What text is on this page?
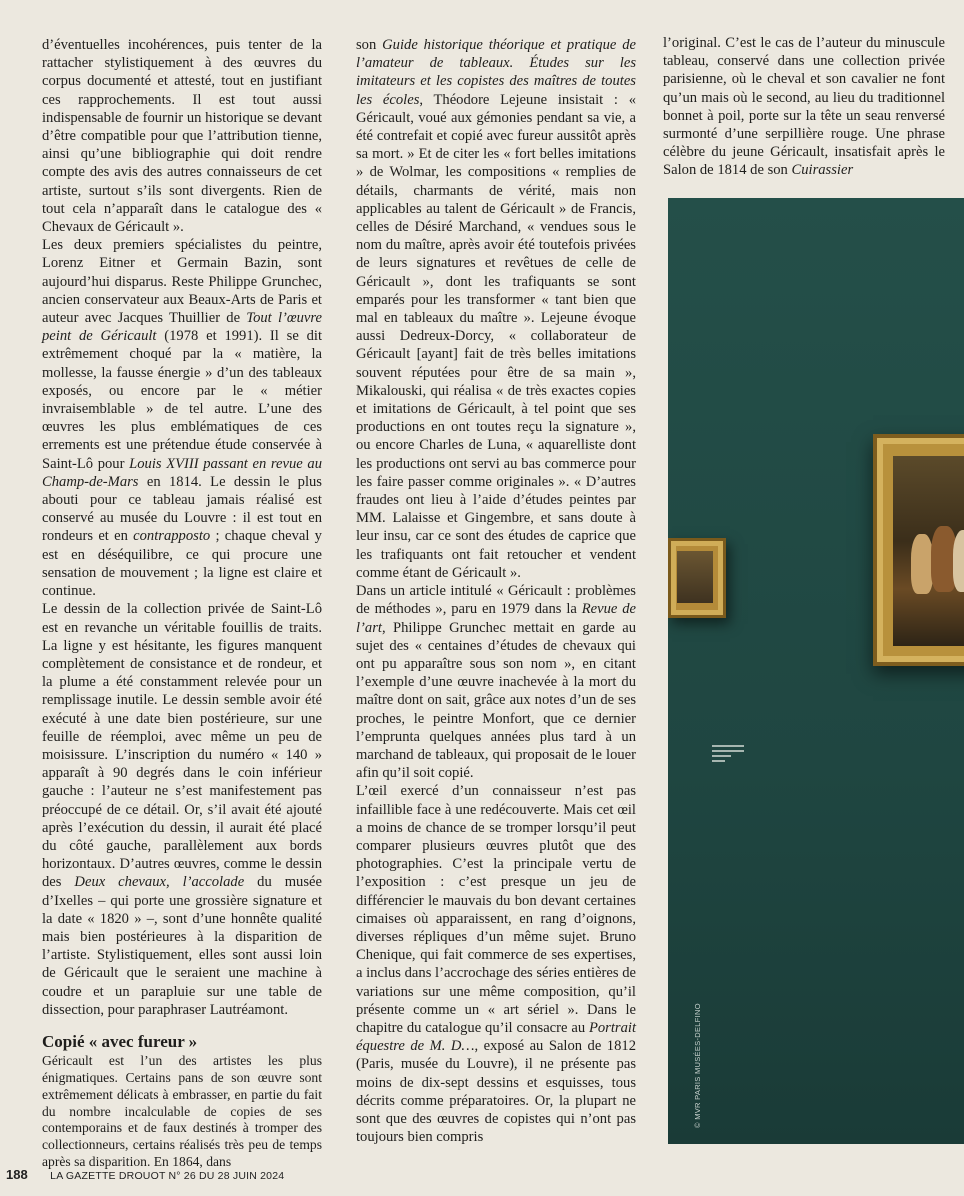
d’éventuelles incohérences, puis tenter de la rattacher stylistiquement à des œuvres du corpus documenté et attesté, tout en justifiant ces rapprochements. Il est tout aussi indispensable de fournir un historique se devant d’être compatible pour que l’attribution tienne, ainsi qu’une bibliographie qui doit rendre compte des avis des autres connaisseurs de cet artiste, surtout s’ils sont divergents. Rien de tout cela n’apparaît dans le catalogue des « Chevaux de Géricault ».

Les deux premiers spécialistes du peintre, Lorenz Eitner et Germain Bazin, sont aujourd’hui disparus. Reste Philippe Grunchec, ancien conservateur aux Beaux-Arts de Paris et auteur avec Jacques Thuillier de Tout l’œuvre peint de Géricault (1978 et 1991). Il se dit extrêmement choqué par la « matière, la mollesse, la fausse énergie » d’un des tableaux exposés, ou encore par le « métier invraisemblable » de tel autre. L’une des œuvres les plus emblématiques de ces errements est une prétendue étude conservée à Saint-Lô pour Louis XVIII passant en revue au Champ-de-Mars en 1814. Le dessin le plus abouti pour ce tableau jamais réalisé est conservé au musée du Louvre : il est tout en rondeurs et en contrapposto ; chaque cheval y est en déséquilibre, ce qui procure une sensation de mouvement ; la ligne est claire et continue.

Le dessin de la collection privée de Saint-Lô est en revanche un véritable fouillis de traits. La ligne y est hésitante, les figures manquent complètement de consistance et de rondeur, et la plume a été constamment relevée pour un remplissage inutile. Le dessin semble avoir été exécuté à une date bien postérieure, sur une feuille de réemploi, avec même un peu de moisissure. L’inscription du numéro « 140 » apparaît à 90 degrés dans le coin inférieur gauche : l’auteur ne s’est manifestement pas préoccupé de ce détail. Or, s’il avait été ajouté après l’exécution du dessin, il aurait été placé du côté gauche, parallèlement aux bords horizontaux. D’autres œuvres, comme le dessin des Deux chevaux, l’accolade du musée d’Ixelles – qui porte une grossière signature et la date « 1820 » –, sont d’une honnête qualité mais bien postérieures à la disparition de l’artiste. Stylistiquement, elles sont aussi loin de Géricault que le seraient une machine à coudre et un parapluie sur une table de dissection, pour paraphraser Lautréamont.

Copié « avec fureur »

Géricault est l’un des artistes les plus énigmatiques. Certains pans de son œuvre sont extrêmement délicats à embrasser, en partie du fait du nombre incalculable de copies de ses contemporains et de faux destinés à tromper des collectionneurs, certains réalisés très peu de temps après sa disparition. En 1864, dans

son Guide historique théorique et pratique de l’amateur de tableaux. Études sur les imitateurs et les copistes des maîtres de toutes les écoles, Théodore Lejeune insistait : « Géricault, voué aux gémonies pendant sa vie, a été contrefait et copié avec fureur aussitôt après sa mort. » Et de citer les « fort belles imitations » de Wolmar, les compositions « remplies de détails, charmants de vérité, mais non applicables au talent de Géricault » de Francis, celles de Désiré Marchand, « vendues sous le nom du maître, après avoir été toutefois privées de leurs signatures et revêtues de celle de Géricault », dont les trafiquants se sont emparés pour les transformer « tant bien que mal en tableaux du maître ». Lejeune évoque aussi Dedreux-Dorcy, « collaborateur de Géricault [ayant] fait de très belles imitations souvent réputées pour être de sa main », Mikalouski, qui réalisa « de très exactes copies et imitations de Géricault, à tel point que ses productions en ont toutes reçu la signature », ou encore Charles de Luna, « aquarelliste dont les productions ont servi au bas commerce pour les faire passer comme originales ». « D’autres fraudes ont lieu à l’aide d’études peintes par MM. Lalaisse et Gingembre, et sans doute à leur insu, car ce sont des études de caprice que les trafiquants ont fait retoucher et vendent comme étant de Géricault ».

Dans un article intitulé « Géricault : problèmes de méthodes », paru en 1979 dans la Revue de l’art, Philippe Grunchec mettait en garde au sujet des « centaines d’études de chevaux qui ont pu apparaître sous son nom », en citant l’exemple d’une œuvre inachevée à la mort du maître dont on sait, grâce aux notes d’un de ses proches, le peintre Monfort, que ce dernier l’emprunta quelques années plus tard à un marchand de tableaux, qui proposait de le louer afin qu’il soit copié.

L’œil exercé d’un connaisseur n’est pas infaillible face à une redécouverte. Mais cet œil a moins de chance de se tromper lorsqu’il peut comparer plusieurs œuvres plutôt que des photographies. C’est la principale vertu de l’exposition : c’est presque un jeu de différencier le mauvais du bon devant certaines cimaises où apparaissent, en rang d’oignons, diverses répliques d’un même sujet. Bruno Chenique, qui fait commerce de ses expertises, a inclus dans l’accrochage des séries entières de variations sur une même composition, qu’il présente comme un « art sériel ». Dans le chapitre du catalogue qu’il consacre au Portrait équestre de M. D…, exposé au Salon de 1812 (Paris, musée du Louvre), il ne présente pas moins de dix-sept dessins et esquisses, tous décrits comme préparatoires. Or, la plupart ne sont que des œuvres de copistes qui n’ont pas toujours bien compris

l’original. C’est le cas de l’auteur du minuscule tableau, conservé dans une collection privée parisienne, où le cheval et son cavalier ne font qu’un mais où le second, au lieu du traditionnel bonnet à poil, porte sur la tête un seau renversé surmonté d’une serpillière rouge. Une phrase célèbre du jeune Géricault, insatisfait après le Salon de 1814 de son Cuirassier

© MVR PARIS MUSÉES-DELFINO
188 LA GAZETTE DROUOT N° 26 DU 28 JUIN 2024
